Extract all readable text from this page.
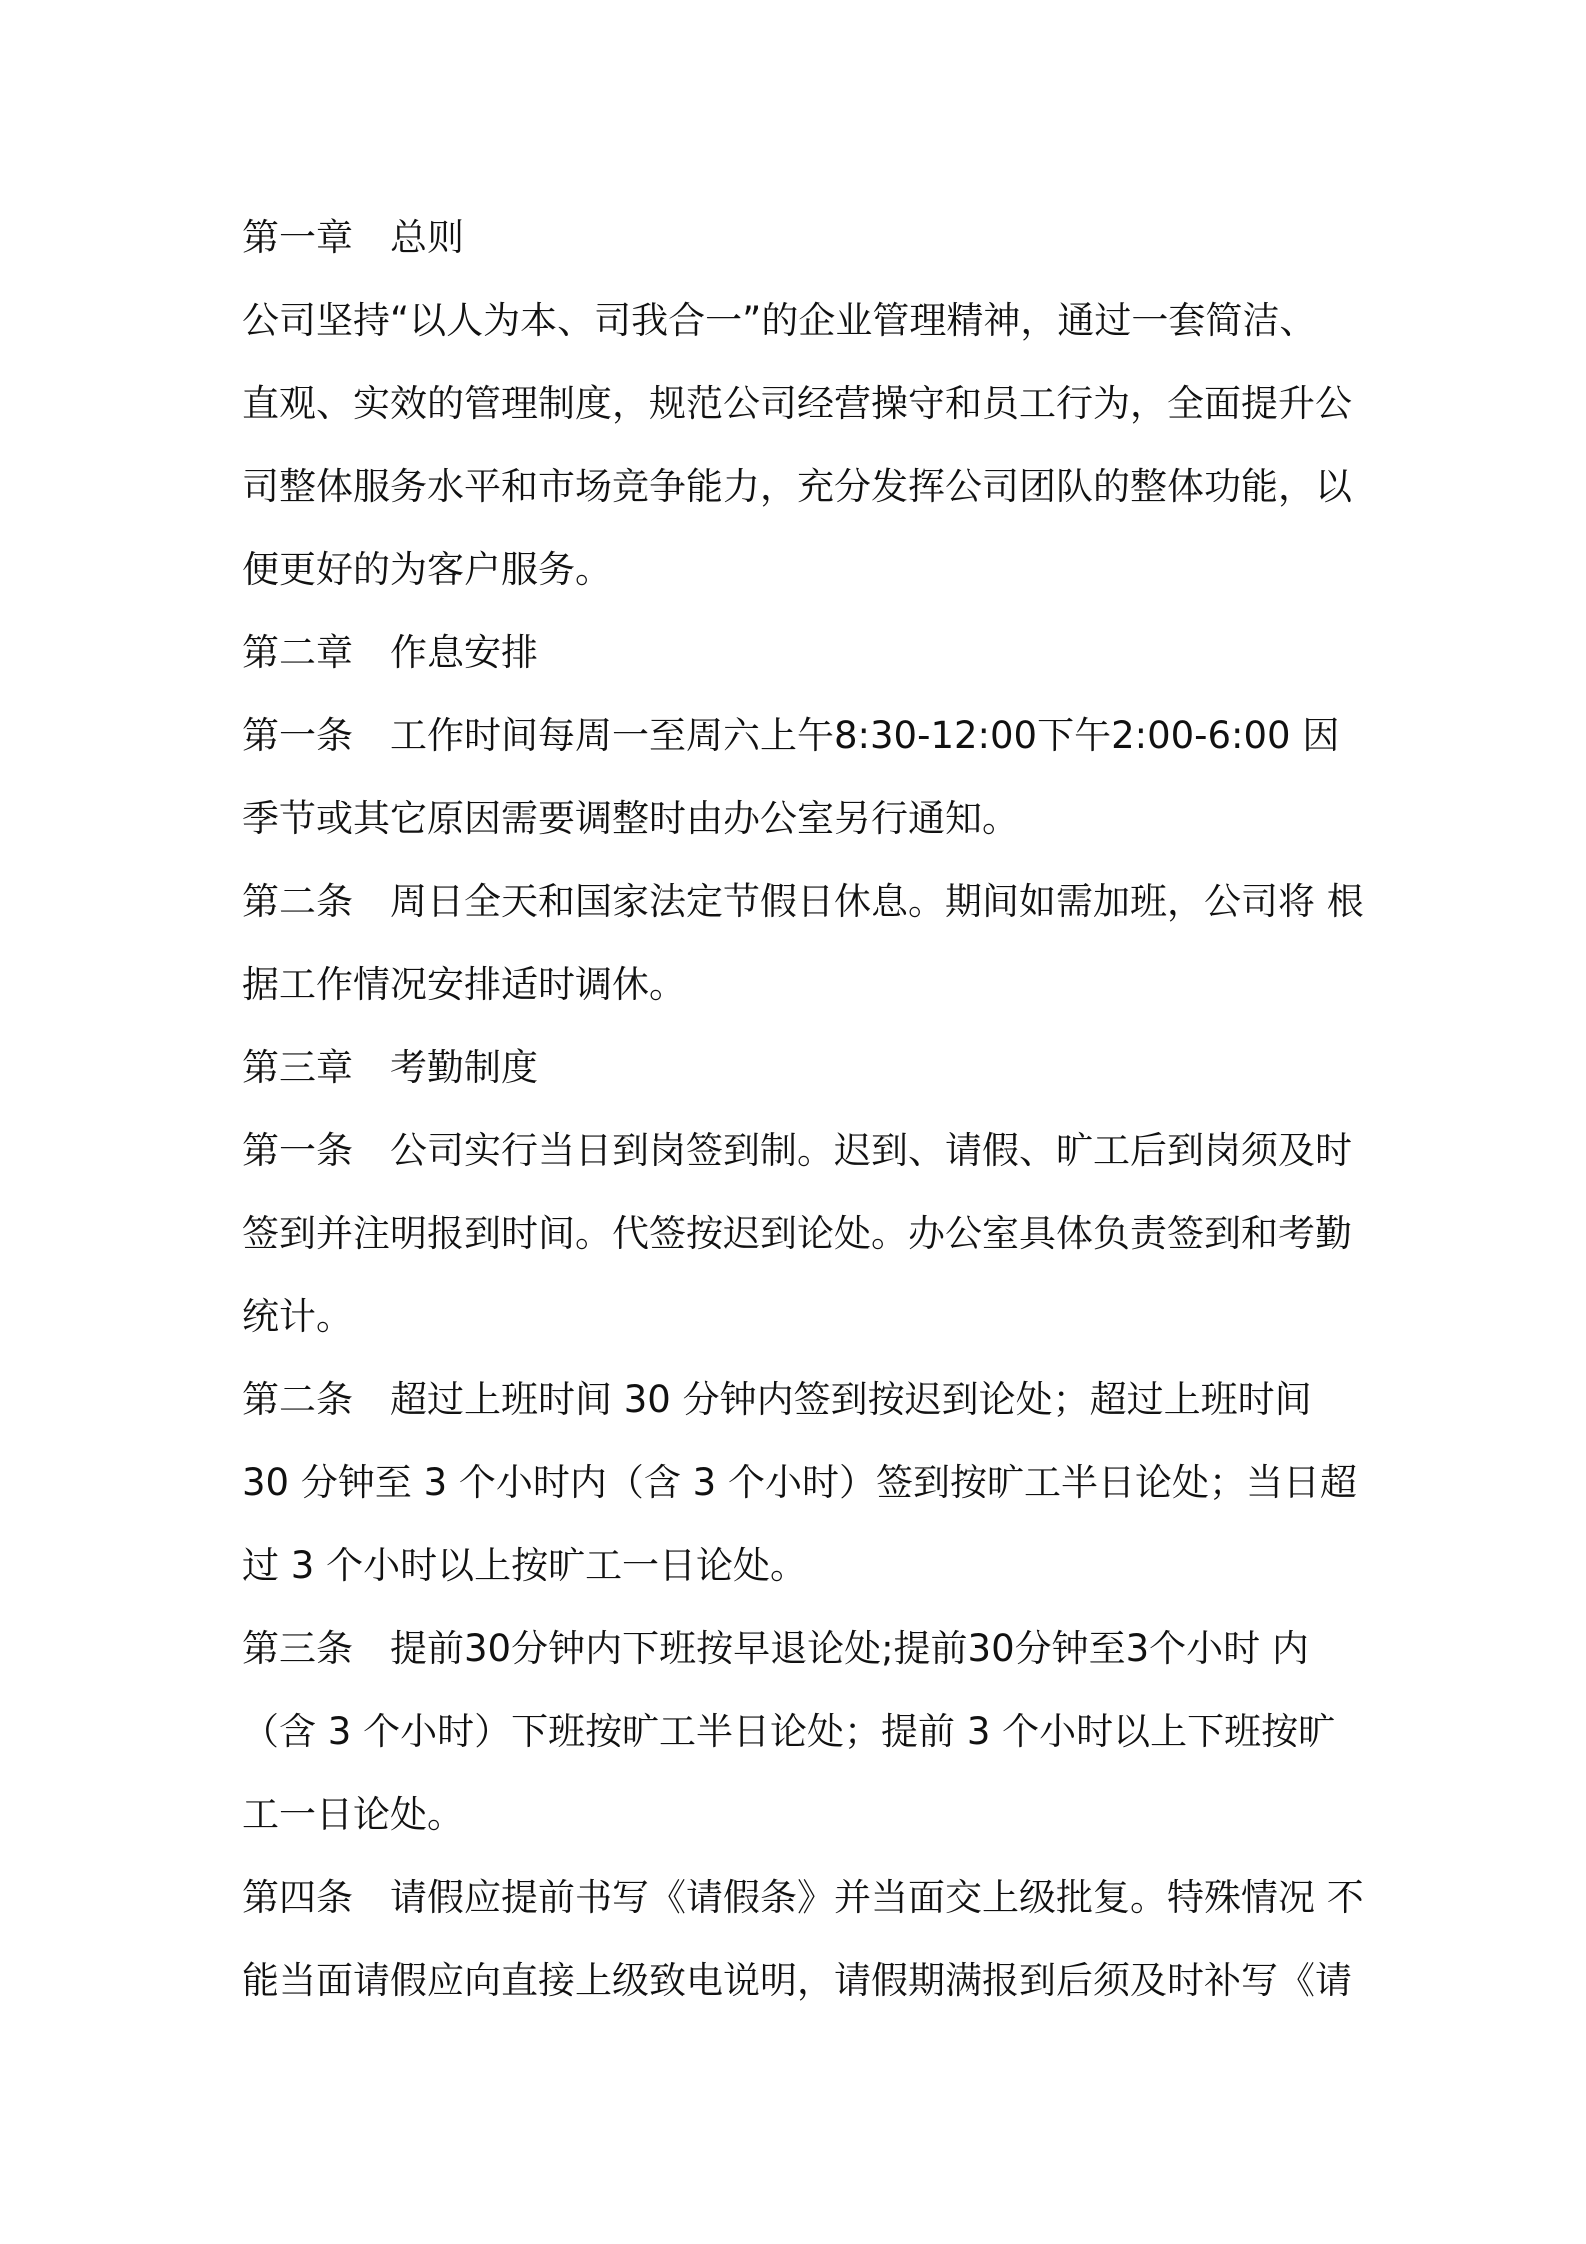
第一章 总则
公司坚持“以人为本、司我合一”的企业管理精神，通过一套简洁、
直观、实效的管理制度，规范公司经营操守和员工行为，全面提升公
司整体服务水平和市场竞争能力，充分发挥公司团队的整体功能，以
便更好的为客户服务。
第二章 作息安排
第一条 工作时间每周一至周六上午8:30-12:00下午2:00-6:00 因
季节或其它原因需要调整时由办公室另行通知。
第二条 周日全天和国家法定节假日休息。期间如需加班，公司将 根
据工作情况安排适时调休。
第三章 考勤制度
第一条 公司实行当日到岗签到制。迟到、请假、旷工后到岗须及时
签到并注明报到时间。代签按迟到论处。办公室具体负责签到和考勤
统计。
第二条 超过上班时间 30 分钟内签到按迟到论处；超过上班时间
30 分钟至 3 个小时内（含 3 个小时）签到按旷工半日论处；当日超
过 3 个小时以上按旷工一日论处。
第三条 提前30分钟内下班按早退论处;提前30分钟至3个小时 内
（含 3 个小时）下班按旷工半日论处；提前 3 个小时以上下班按旷
工一日论处。
第四条 请假应提前书写《请假条》并当面交上级批复。特殊情况 不
能当面请假应向直接上级致电说明，请假期满报到后须及时补写《请
